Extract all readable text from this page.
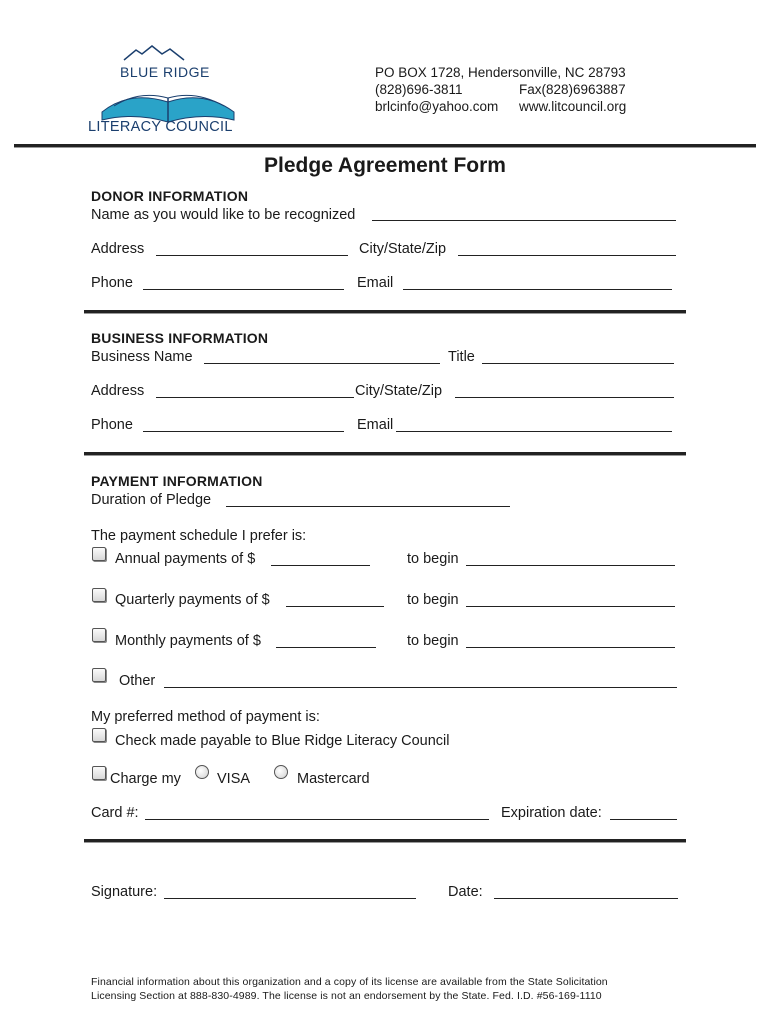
BLUE RIDGE
LITERACY COUNCIL
PO BOX 1728, Hendersonville, NC 28793
(828)696-3811	Fax(828)6963887
brlcinfo@yahoo.com www.litcouncil.org
Pledge Agreement Form
DONOR INFORMATION
Name as you would like to be recognized
Address	City/State/Zip
Phone	Email
BUSINESS INFORMATION
Business Name	Title
Address	City/State/Zip
Phone	Email
PAYMENT INFORMATION
Duration of Pledge
The payment schedule I prefer is:
Annual payments of $	to begin
Quarterly payments of $	to begin
Monthly payments of $	to begin
Other
My preferred method of payment is:
Check made payable to Blue Ridge Literacy Council
Charge my VISA	Mastercard
Card #:	Expiration date:
Signature:	Date:
Financial information about this organization and a copy of its license are available from the State Solicitation
Licensing Section at 888-830-4989. The license is not an endorsement by the State. Fed. I.D. #56-169-1110
